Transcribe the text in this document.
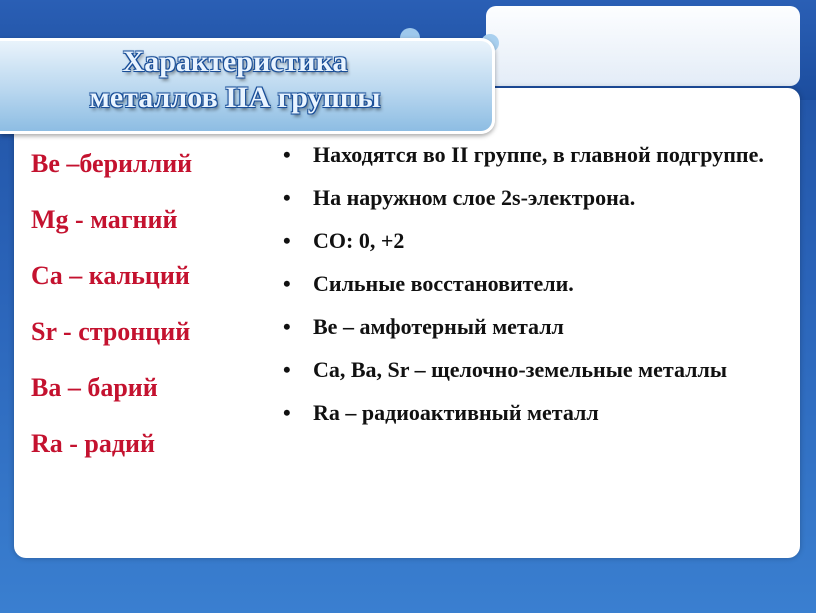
Характеристика
металлов IIА группы
Be –бериллий
Mg - магний
Ca – кальций
Sr - стронций
Ba – барий
Ra - радий
• Находятся во II группе, в главной подгруппе.
• На наружном слое 2s-электрона.
• СО: 0, +2
• Сильные восстановители.
• Be – амфотерный металл
• Ca, Ba, Sr – щелочно-земельные металлы
• Ra – радиоактивный металл
